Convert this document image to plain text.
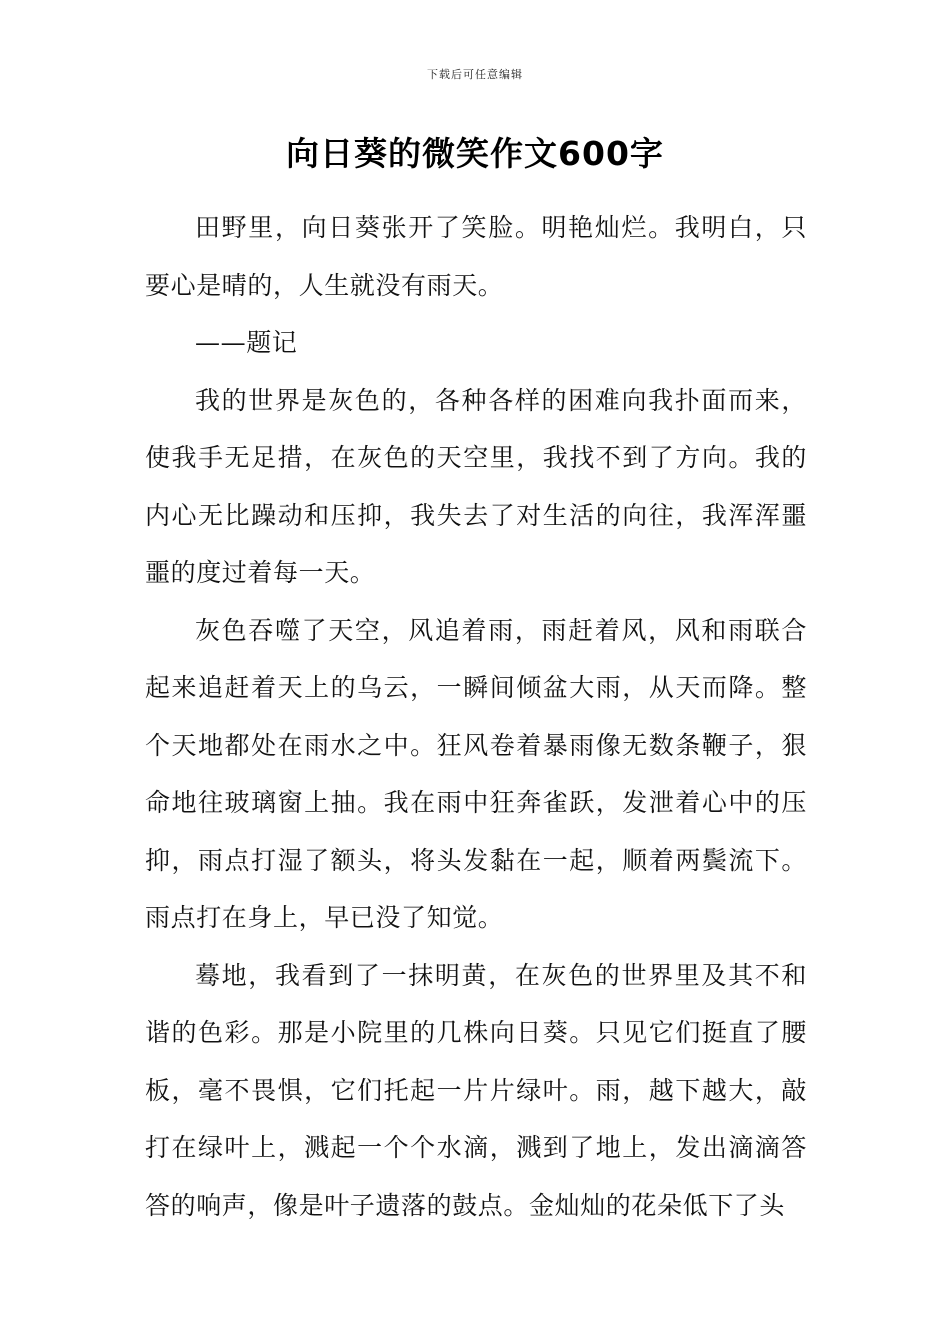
下载后可任意编辑
向日葵的微笑作文600字

田野里，向日葵张开了笑脸。明艳灿烂。我明白，只要心是晴的，人生就没有雨天。

——题记

我的世界是灰色的，各种各样的困难向我扑面而来，使我手无足措，在灰色的天空里，我找不到了方向。我的内心无比躁动和压抑，我失去了对生活的向往，我浑浑噩噩的度过着每一天。

灰色吞噬了天空，风追着雨，雨赶着风，风和雨联合起来追赶着天上的乌云，一瞬间倾盆大雨，从天而降。整个天地都处在雨水之中。狂风卷着暴雨像无数条鞭子，狠命地往玻璃窗上抽。我在雨中狂奔雀跃，发泄着心中的压抑，雨点打湿了额头，将头发黏在一起，顺着两鬓流下。雨点打在身上，早已没了知觉。

蓦地，我看到了一抹明黄，在灰色的世界里及其不和谐的色彩。那是小院里的几株向日葵。只见它们挺直了腰板，毫不畏惧，它们托起一片片绿叶。雨，越下越大，敲打在绿叶上，溅起一个个水滴，溅到了地上，发出滴滴答答的响声，像是叶子遗落的鼓点。金灿灿的花朵低下了头
